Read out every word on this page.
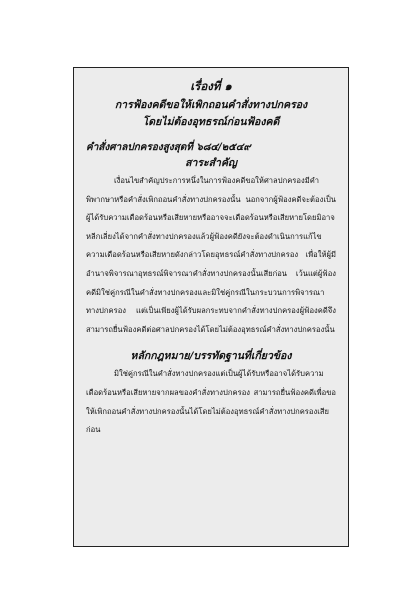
เรื่องที่ ๑
การฟ้องคดีขอให้เพิกถอนคำสั่งทางปกครอง
โดยไม่ต้องอุทธรณ์ก่อนฟ้องคดี
คำสั่งศาลปกครองสูงสุดที่ ๖๘๔/๒๕๔๙
สาระสำคัญ

เงื่อนไขสำคัญประการหนึ่งในการฟ้องคดีขอให้ศาลปกครองมีคำพิพากษาหรือคำสั่งเพิกถอนคำสั่งทางปกครองนั้น นอกจากผู้ฟ้องคดีจะต้องเป็นผู้ได้รับความเดือดร้อนหรือเสียหายหรืออาจจะเดือดร้อนหรือเสียหายโดยมิอาจหลีกเลี่ยงได้จากคำสั่งทางปกครองแล้วผู้ฟ้องคดียังจะต้องดำเนินการแก้ไขความเดือดร้อนหรือเสียหายดังกล่าวโดยอุทธรณ์คำสั่งทางปกครอง เพื่อให้ผู้มีอำนาจพิจารณาอุทธรณ์พิจารณาคำสั่งทางปกครองนั้นเสียก่อน เว้นแต่ผู้ฟ้องคดีมิใช่คู่กรณีในคำสั่งทางปกครองและมิใช่คู่กรณีในกระบวนการพิจารณาทางปกครอง แต่เป็นเพียงผู้ได้รับผลกระทบจากคำสั่งทางปกครองผู้ฟ้องคดีจึงสามารถยื่นฟ้องคดีต่อศาลปกครองได้โดยไม่ต้องอุทธรณ์คำสั่งทางปกครองนั้น

หลักกฎหมาย/บรรทัดฐานที่เกี่ยวข้อง

มิใช่คู่กรณีในคำสั่งทางปกครองแต่เป็นผู้ได้รับหรืออาจได้รับความเดือดร้อนหรือเสียหายจากผลของคำสั่งทางปกครอง สามารถยื่นฟ้องคดีเพื่อขอให้เพิกถอนคำสั่งทางปกครองนั้นได้โดยไม่ต้องอุทธรณ์คำสั่งทางปกครองเสียก่อน
